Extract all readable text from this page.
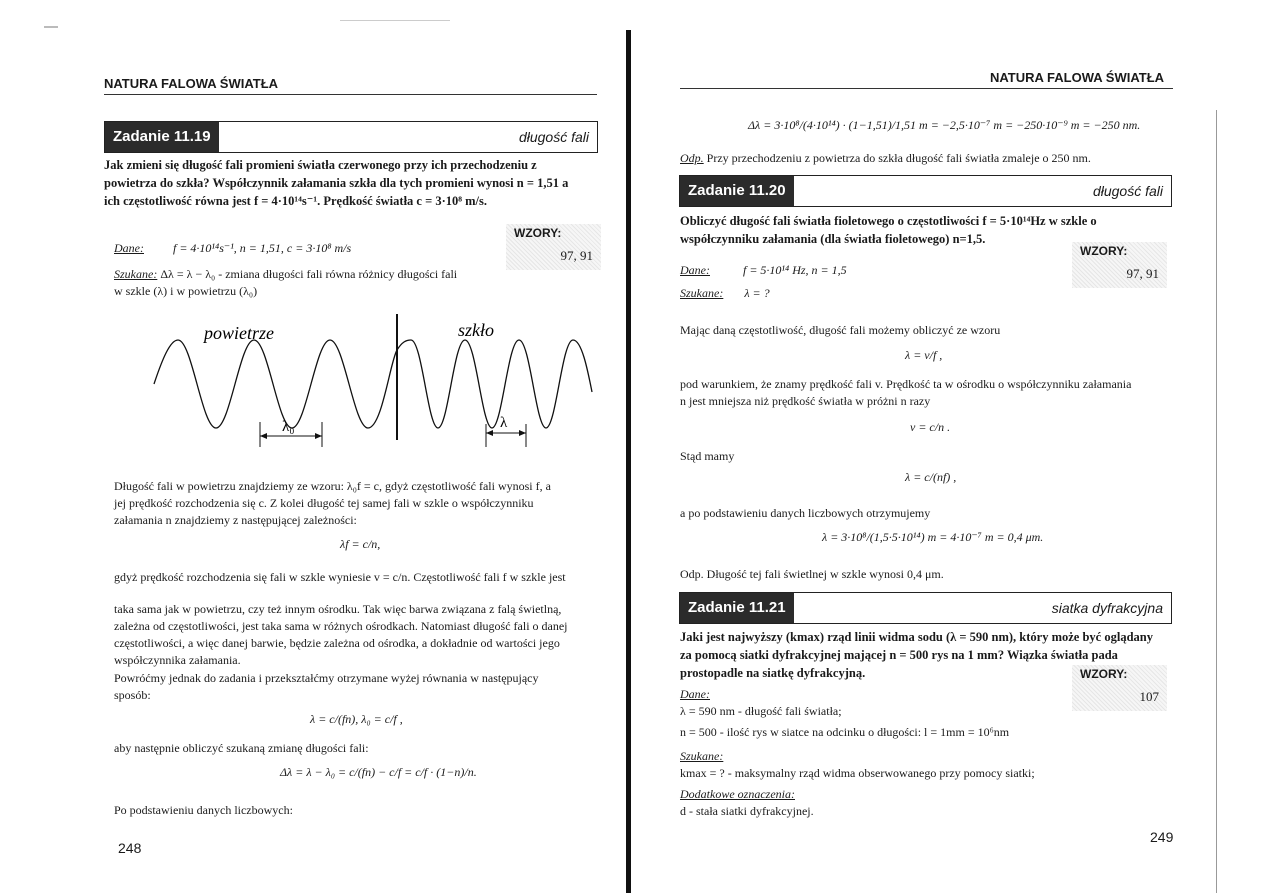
NATURA FALOWA ŚWIATŁA
Zadanie 11.19	długość fali
Jak zmieni się długość fali promieni światła czerwonego przy ich przechodzeniu z
powietrza do szkła? Współczynnik załamania szkła dla tych promieni wynosi n = 1,51 a
ich częstotliwość równa jest f = 4·10¹⁴s⁻¹. Prędkość światła c = 3·10⁸ m/s.
WZORY:
97, 91
Dane: f = 4·10¹⁴s⁻¹, n = 1,51, c = 3·10⁸ m/s
Szukane: Δλ = λ − λ₀ - zmiana długości fali równa różnicy długości fali
w szkle (λ) i w powietrzu (λ₀)
powietrze	szkło
λ₀	λ
Długość fali w powietrzu znajdziemy ze wzoru: λ₀f = c, gdyż częstotliwość fali wynosi f, a
jej prędkość rozchodzenia się c. Z kolei długość tej samej fali w szkle o współczynniku
załamania n znajdziemy z następującej zależności:
λf = c/n,
gdyż prędkość rozchodzenia się fali w szkle wyniesie v = c/n. Częstotliwość fali f w szkle jest
taka sama jak w powietrzu, czy też innym ośrodku. Tak więc barwa związana z falą świetlną,
zależna od częstotliwości, jest taka sama w różnych ośrodkach. Natomiast długość fali o danej
częstotliwości, a więc danej barwie, będzie zależna od ośrodka, a dokładnie od wartości jego
współczynnika załamania.
Powróćmy jednak do zadania i przekształćmy otrzymane wyżej równania w następujący
sposób:
λ = c/(fn), λ₀ = c/f ,
aby następnie obliczyć szukaną zmianę długości fali:
Δλ = λ − λ₀ = c/(fn) − c/f = c/f · (1−n)/n.
Po podstawieniu danych liczbowych:
248
NATURA FALOWA ŚWIATŁA
Δλ = 3·10⁸/(4·10¹⁴) · (1−1,51)/1,51 m = −2,5·10⁻⁷ m = −250·10⁻⁹ m = −250 nm.
Odp. Przy przechodzeniu z powietrza do szkła długość fali światła zmaleje o 250 nm.
Zadanie 11.20	długość fali
Obliczyć długość fali światła fioletowego o częstotliwości f = 5·10¹⁴Hz w szkle o
współczynniku załamania (dla światła fioletowego) n=1,5.
WZORY:
97, 91
Dane:	f = 5·10¹⁴ Hz, n = 1,5
Szukane: λ = ?
Mając daną częstotliwość, długość fali możemy obliczyć ze wzoru
λ = v/f ,
pod warunkiem, że znamy prędkość fali v. Prędkość ta w ośrodku o współczynniku załamania
n jest mniejsza niż prędkość światła w próżni n razy
v = c/n .
Stąd mamy
λ = c/(nf) ,
a po podstawieniu danych liczbowych otrzymujemy
λ = 3·10⁸/(1,5·5·10¹⁴) m = 4·10⁻⁷ m = 0,4 μm.
Odp. Długość tej fali świetlnej w szkle wynosi 0,4 μm.
Zadanie 11.21	siatka dyfrakcyjna
Jaki jest najwyższy (kmax) rząd linii widma sodu (λ = 590 nm), który może być oglądany
za pomocą siatki dyfrakcyjnej mającej n = 500 rys na 1 mm? Wiązka światła pada
prostopadle na siatkę dyfrakcyjną.	WZORY:
107
Dane:
λ = 590 nm - długość fali światła;
n = 500 - ilość rys w siatce na odcinku o długości: l = 1mm = 10⁶nm
Szukane:
kmax = ? - maksymalny rząd widma obserwowanego przy pomocy siatki;
Dodatkowe oznaczenia:
d - stała siatki dyfrakcyjnej.
249
